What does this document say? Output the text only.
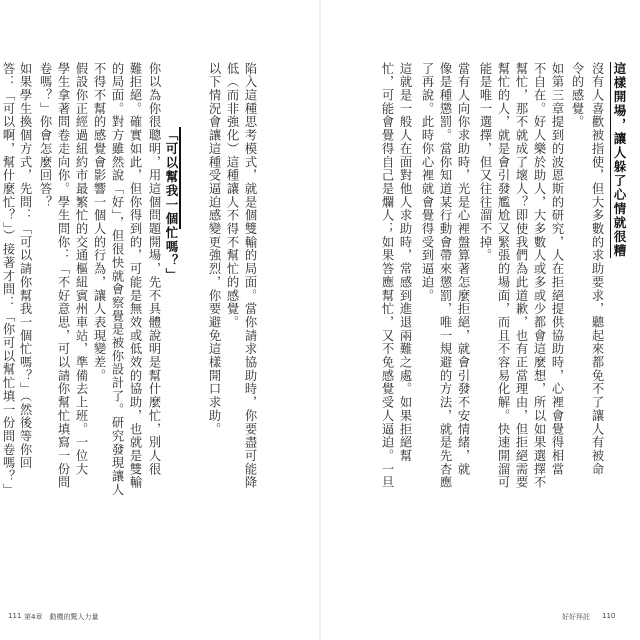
這樣開場，讓人躲了心情就很糟
沒有人喜歡被指使，但大多數的求助要求，聽起來都免不了讓人有被命
令的感覺。
如第三章提到的波恩斯的研究，人在拒絕提供協助時，心裡會覺得相當
不自在。好人樂於助人，大多數人或多或少都會這麼想，所以如果選擇不
幫忙，那不就成了壞人？即使我們為此道歉，也有正當理由，但拒絕需要
幫忙的人，就是會引發尷尬又緊張的場面，而且不容易化解。快速開溜可
能是唯一選擇，但又往往溜不掉。
當有人向你求助時，光是心裡盤算著怎麼拒絕，就會引發不安情緒，就
像是種懲罰。當你知道某行動會帶來懲罰，唯一規避的方法，就是先杏應
了再說。此時你心裡就會覺得受到逼迫。
這就是一般人在面對他人求助時，常感到進退兩難之處。如果拒絕幫
忙，可能會覺得自己是爛人；如果答應幫忙，又不免感覺受人逼迫。一旦
好好拜託 110
陷入這種思考模式，就是個雙輸的局面。當你請求協助時，你要盡可能降
低（而非強化）這種讓人不得不幫忙的感覺。
以下情況會讓這種受逼迫感變更強烈，你要避免這樣開口求助。
「可以幫我一個忙嗎？」
你以為你很聰明，用這個問題開場，先不具體說明是幫什麼忙，別人很
難拒絕。確實如此，但你得到的，可能是無效或低效的協助，也就是雙輸
的局面。對方雖然說「好」，但很快就會察覺是被你設計了。研究發現讓人
不得不幫的感覺會影響一個人的行為，讓人表現變差。
假設你正經過紐約市最繁忙的交通樞紐賓州車站，準備去上班。一位大
學生拿著問卷走向你。學生問你：「不好意思，可以請你幫忙填寫一份問
卷嗎？」你會怎麼回答？
如果學生換個方式，先問：「可以請你幫我一個忙嗎？」（然後等你回
答：「可以啊，幫什麼忙？」）接著才問：「你可以幫忙填一份問卷嗎？」
111 第4章　動機的驚人力量
